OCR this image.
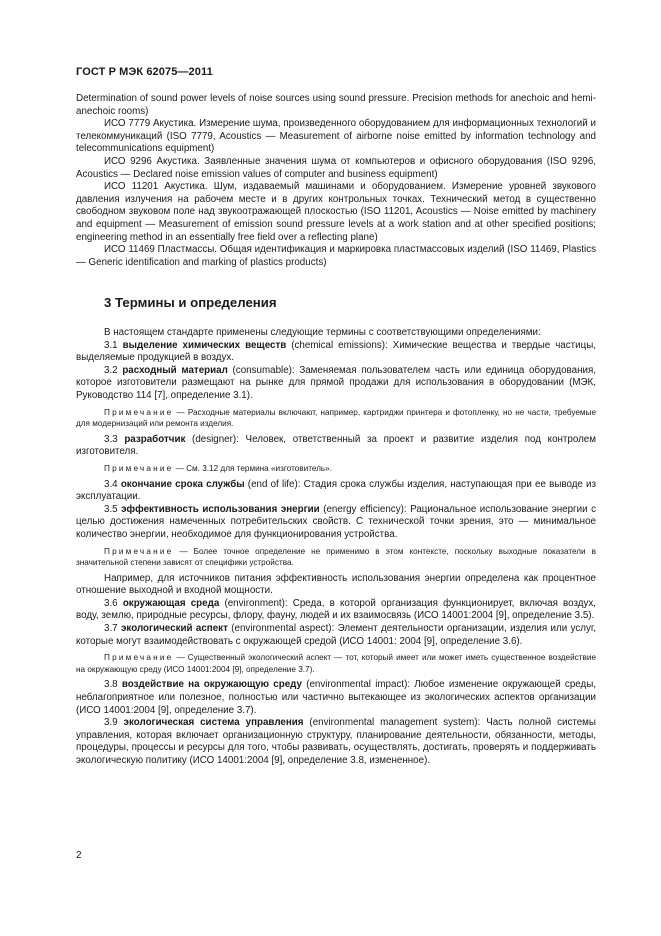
ГОСТ Р МЭК 62075—2011

Determination of sound power levels of noise sources using sound pressure. Precision methods for anechoic and hemi-anechoic rooms)

ИСО 7779 Акустика. Измерение шума, произведенного оборудованием для информационных технологий и телекоммуникаций (ISO 7779, Acoustics — Measurement of airborne noise emitted by information technology and telecommunications equipment)

ИСО 9296 Акустика. Заявленные значения шума от компьютеров и офисного оборудования (ISO 9296, Acoustics — Declared noise emission values of computer and business equipment)

ИСО 11201 Акустика. Шум, издаваемый машинами и оборудованием. Измерение уровней звукового давления излучения на рабочем месте и в других контрольных точках. Технический метод в существенно свободном звуковом поле над звукоотражающей плоскостью (ISO 11201, Acoustics — Noise emitted by machinery and equipment — Measurement of emission sound pressure levels at a work station and at other specified positions; engineering method in an essentially free field over a reflecting plane)

ИСО 11469 Пластмассы. Общая идентификация и маркировка пластмассовых изделий (ISO 11469, Plastics — Generic identification and marking of plastics products)

3 Термины и определения

В настоящем стандарте применены следующие термины с соответствующими определениями:

3.1 выделение химических веществ (chemical emissions): Химические вещества и твердые частицы, выделяемые продукцией в воздух.

3.2 расходный материал (consumable): Заменяемая пользователем часть или единица оборудования, которое изготовители размещают на рынке для прямой продажи для использования в оборудовании (МЭК, Руководство 114 [7], определение 3.1).

Примечание — Расходные материалы включают, например, картриджи принтера и фотопленку, но не части, требуемые для модернизаций или ремонта изделия.

3.3 разработчик (designer): Человек, ответственный за проект и развитие изделия под контролем изготовителя.

Примечание — См. 3.12 для термина «изготовитель».

3.4 окончание срока службы (end of life): Стадия срока службы изделия, наступающая при ее выводе из эксплуатации.

3.5 эффективность использования энергии (energy efficiency): Рациональное использование энергии с целью достижения намеченных потребительских свойств. С технической точки зрения, это — минимальное количество энергии, необходимое для функционирования устройства.

Примечание — Более точное определение не применимо в этом контексте, поскольку выходные показатели в значительной степени зависят от специфики устройства.

Например, для источников питания эффективность использования энергии определена как процентное отношение выходной и входной мощности.

3.6 окружающая среда (environment): Среда, в которой организация функционирует, включая воздух, воду, землю, природные ресурсы, флору, фауну, людей и их взаимосвязь (ИСО 14001:2004 [9], определение 3.5).

3.7 экологический аспект (environmental aspect): Элемент деятельности организации, изделия или услуг, которые могут взаимодействовать с окружающей средой (ИСО 14001: 2004 [9], определение 3.6).

Примечание — Существенный экологический аспект — тот, который имеет или может иметь существенное воздействие на окружающую среду (ИСО 14001:2004 [9], определение 3.7).

3.8 воздействие на окружающую среду (environmental impact): Любое изменение окружающей среды, неблагоприятное или полезное, полностью или частично вытекающее из экологических аспектов организации (ИСО 14001:2004 [9], определение 3.7).

3.9 экологическая система управления (environmental management system): Часть полной системы управления, которая включает организационную структуру, планирование деятельности, обязанности, методы, процедуры, процессы и ресурсы для того, чтобы развивать, осуществлять, достигать, проверять и поддерживать экологическую политику (ИСО 14001:2004 [9], определение 3.8, измененное).

2
